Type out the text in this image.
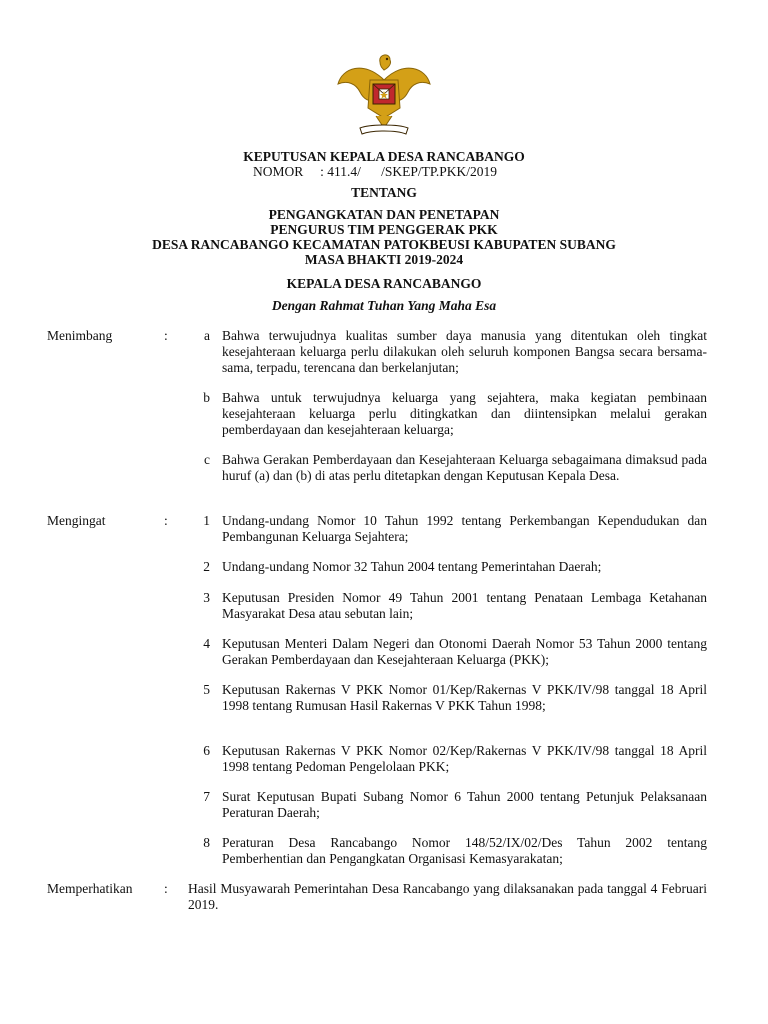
KEPUTUSAN KEPALA DESA RANCABANGO
NOMOR     : 411.4/      /SKEP/TP.PKK/2019
TENTANG
PENGANGKATAN DAN PENETAPAN
PENGURUS TIM PENGGERAK PKK
DESA RANCABANGO KECAMATAN PATOKBEUSI KABUPATEN SUBANG
MASA BHAKTI 2019-2024
KEPALA DESA RANCABANGO
Dengan Rahmat Tuhan Yang Maha Esa
Menimbang	:	a Bahwa terwujudnya kualitas sumber daya manusia yang ditentukan oleh tingkat kesejahteraan keluarga perlu dilakukan oleh seluruh komponen Bangsa secara bersama-sama, terpadu, terencana dan berkelanjutan;
b Bahwa untuk terwujudnya keluarga yang sejahtera, maka kegiatan pembinaan kesejahteraan keluarga perlu ditingkatkan dan diintensipkan melalui gerakan pemberdayaan dan kesejahteraan keluarga;
c Bahwa Gerakan Pemberdayaan dan Kesejahteraan Keluarga sebagaimana dimaksud pada huruf (a) dan (b) di atas perlu ditetapkan dengan Keputusan Kepala Desa.
Mengingat	:	1 Undang-undang Nomor 10 Tahun 1992 tentang Perkembangan Kependudukan dan Pembangunan Keluarga Sejahtera;
2 Undang-undang Nomor 32 Tahun 2004 tentang Pemerintahan Daerah;
3 Keputusan Presiden Nomor 49 Tahun 2001 tentang Penataan Lembaga Ketahanan Masyarakat Desa atau sebutan lain;
4 Keputusan Menteri Dalam Negeri dan Otonomi Daerah Nomor 53 Tahun 2000 tentang Gerakan Pemberdayaan dan Kesejahteraan Keluarga (PKK);
5 Keputusan Rakernas V PKK Nomor 01/Kep/Rakernas V PKK/IV/98 tanggal 18 April 1998 tentang Rumusan Hasil Rakernas V PKK Tahun 1998;
6 Keputusan Rakernas V PKK Nomor 02/Kep/Rakernas V PKK/IV/98 tanggal 18 April 1998 tentang Pedoman Pengelolaan PKK;
7 Surat Keputusan Bupati Subang Nomor 6 Tahun 2000 tentang Petunjuk Pelaksanaan Peraturan Daerah;
8 Peraturan Desa Rancabango Nomor 148/52/IX/02/Des Tahun 2002 tentang Pemberhentian dan Pengangkatan Organisasi Kemasyarakatan;
Memperhatikan : Hasil Musyawarah Pemerintahan Desa Rancabango yang dilaksanakan pada tanggal 4 Februari 2019.
